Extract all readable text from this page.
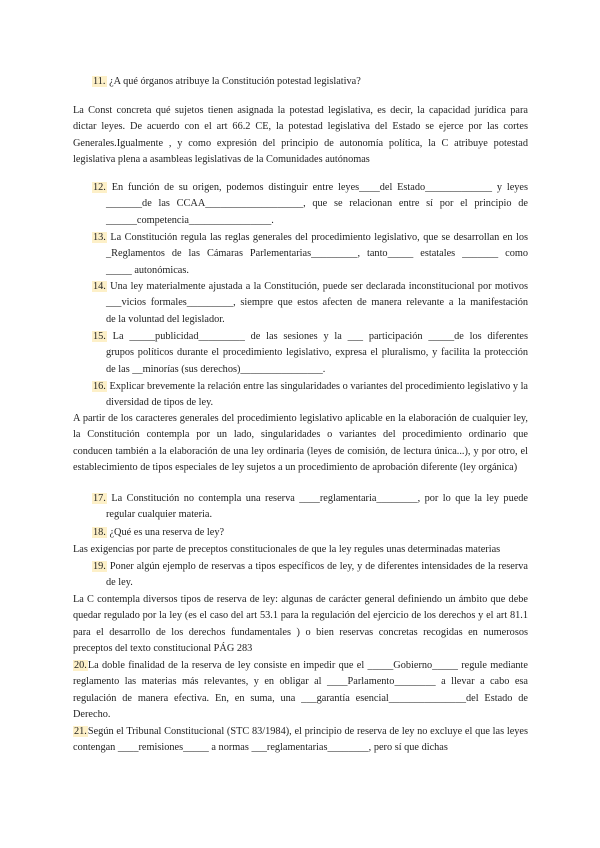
11. ¿A qué órganos atribuye la Constitución potestad legislativa?
La Const concreta qué sujetos tienen asignada la potestad legislativa, es decir, la capacidad jurídica para
dictar leyes. De acuerdo con el art 66.2 CE, la potestad legislativa del Estado se ejerce por las cortes
Generales.Igualmente , y como expresión del principio de autonomía política, la C atribuye potestad
legislativa plena a asambleas legislativas de la Comunidades autónomas
12. En función de su origen, podemos distinguir entre leyes____del Estado_____________ y leyes
_______de las CCAA___________________, que se relacionan entre sí por el principio de
______competencia________________.
13. La Constitución regula las reglas generales del procedimiento legislativo, que se desarrollan en los
_Reglamentos de las Cámaras Parlementarias_________, tanto_____ estatales _______ como
_____ autonómicas.
14. Una ley materialmente ajustada a la Constitución, puede ser declarada inconstitucional por motivos
___vicios formales_________, siempre que estos afecten de manera relevante a la manifestación
de la voluntad del legislador.
15. La _____publicidad_________ de las sesiones y la ___ participación _____de los diferentes
grupos políticos durante el procedimiento legislativo, expresa el pluralismo, y facilita la protección
de las __minorías (sus derechos)________________.
16. Explicar brevemente la relación entre las singularidades o variantes del procedimiento legislativo y la
diversidad de tipos de ley.
A partir de los caracteres generales del procedimiento legislativo aplicable en la elaboración de cualquier ley,
la Constitución contempla por un lado, singularidades o variantes del procedimiento ordinario que
conducen también a la elaboración de una ley ordinaria (leyes de comisión, de lectura única...), y por otro, el
establecimiento de tipos especiales de ley sujetos a un procedimiento de aprobación diferente (ley orgánica)
17. La Constitución no contempla una reserva ____reglamentaria________, por lo que la ley puede
regular cualquier materia.
18. ¿Qué es una reserva de ley?
Las exigencias por parte de preceptos constitucionales de que la ley regules unas determinadas materias
19. Poner algún ejemplo de reservas a tipos específicos de ley, y de diferentes intensidades de la reserva
de ley.
La C contempla diversos tipos de reserva de ley: algunas de carácter general definiendo un ámbito que debe
quedar regulado por la ley (es el caso del art 53.1 para la regulación del ejercicio de los derechos y el art 81.1
para el desarrollo de los derechos fundamentales ) o bien reservas concretas recogidas en numerosos
preceptos del texto constitucional PÁG 283
20.La doble finalidad de la reserva de ley consiste en impedir que el _____Gobierno_____ regule mediante
reglamento las materias más relevantes, y en obligar al ____Parlamento________ a llevar a cabo esa
regulación de manera efectiva. En, en suma, una ___garantía esencial_______________del Estado de
Derecho.
21.Según el Tribunal Constitucional (STC 83/1984), el principio de reserva de ley no excluye el que las leyes
contengan ____remisiones_____ a normas ___reglamentarias________, pero sí que dichas
